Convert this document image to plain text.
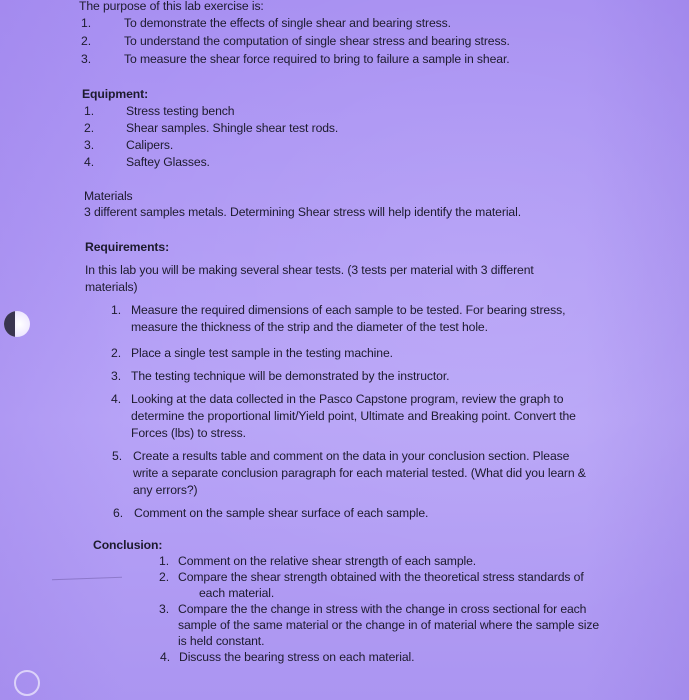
The purpose of this lab exercise is:
1.	To demonstrate the effects of single shear and bearing stress.
2.	To understand the computation of single shear stress and bearing stress.
3.	To measure the shear force required to bring to failure a sample in shear.
Equipment:
1.	Stress testing bench
2.	Shear samples. Shingle shear test rods.
3.	Calipers.
4.	Saftey Glasses.
Materials
3 different samples metals. Determining Shear stress will help identify the material.
Requirements:
In this lab you will be making several shear tests. (3 tests per material with 3 different
materials)
1. Measure the required dimensions of each sample to be tested. For bearing stress,
measure the thickness of the strip and the diameter of the test hole.
2. Place a single test sample in the testing machine.
3. The testing technique will be demonstrated by the instructor.
4. Looking at the data collected in the Pasco Capstone program, review the graph to
determine the proportional limit/Yield point, Ultimate and Breaking point. Convert the
Forces (lbs) to stress.
5. Create a results table and comment on the data in your conclusion section. Please
write a separate conclusion paragraph for each material tested. (What did you learn &
any errors?)
6. Comment on the sample shear surface of each sample.
Conclusion:
1. Comment on the relative shear strength of each sample.
2. Compare the shear strength obtained with the theoretical stress standards of
each material.
3. Compare the the change in stress with the change in cross sectional for each
sample of the same material or the change in of material where the sample size
is held constant.
4. Discuss the bearing stress on each material.
